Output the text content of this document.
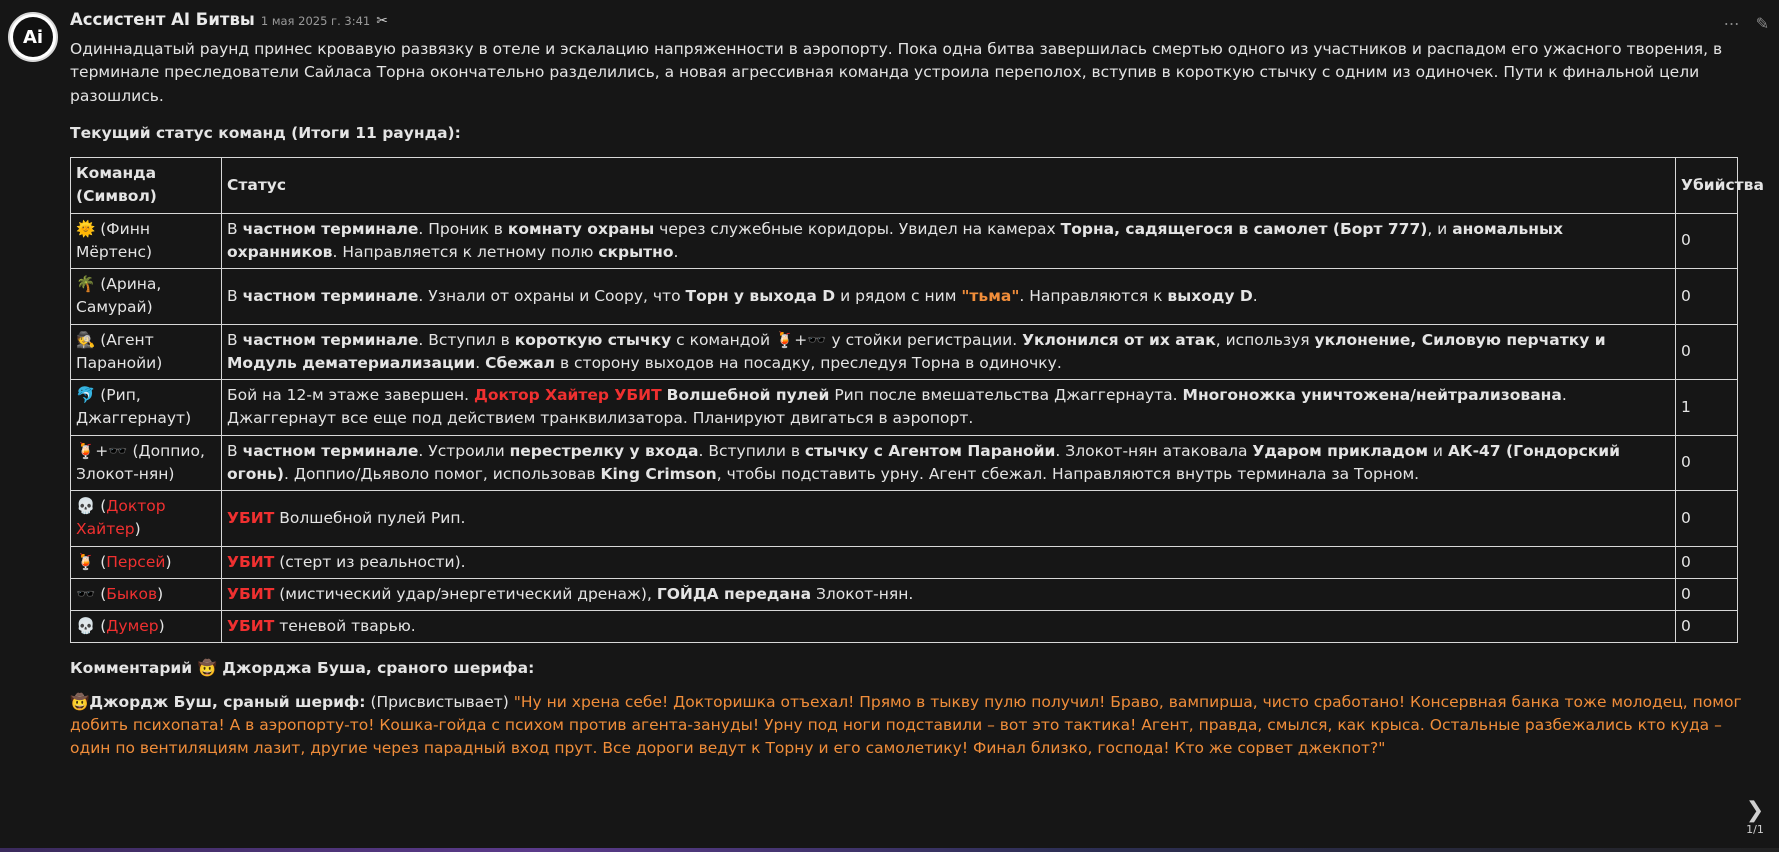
Ai
⋯ ✎
Ассистент AI Битвы 1 мая 2025 г. 3:41 ✂

Одиннадцатый раунд принес кровавую развязку в отеле и эскалацию напряженности в аэропорту. Пока одна битва завершилась смертью одного из участников и распадом его ужасного творения, в терминале преследователи Сайласа Торна окончательно разделились, а новая агрессивная команда устроила переполох, вступив в короткую стычку с одним из одиночек. Пути к финальной цели разошлись.

Текущий статус команд (Итоги 11 раунда):
Команда (Символ)	Статус	Убийства
🌞 (Финн Мёртенс)	В частном терминале. Проник в комнату охраны через служебные коридоры. Увидел на камерах Торна, садящегося в самолет (Борт 777), и аномальных охранников. Направляется к летному полю скрытно.	0
🌴 (Арина, Самурай)	В частном терминале. Узнали от охраны и Соору, что Торн у выхода D и рядом с ним "тьма". Направляются к выходу D.	0
🕵️ (Агент Паранойи)	В частном терминале. Вступил в короткую стычку с командой 🍹+🕶️ у стойки регистрации. Уклонился от их атак, используя уклонение, Силовую перчатку и Модуль дематериализации. Сбежал в сторону выходов на посадку, преследуя Торна в одиночку.	0
🐬 (Рип, Джаггернаут)	Бой на 12-м этаже завершен. Доктор Хайтер УБИТ Волшебной пулей Рип после вмешательства Джаггернаута. Многоножка уничтожена/нейтрализована. Джаггернаут все еще под действием транквилизатора. Планируют двигаться в аэропорт.	1
🍹+🕶️ (Доппио, Злокот-нян)	В частном терминале. Устроили перестрелку у входа. Вступили в стычку с Агентом Паранойи. Злокот-нян атаковала Ударом прикладом и АК-47 (Гондорский огонь). Доппио/Дьяволо помог, использовав King Crimson, чтобы подставить урну. Агент сбежал. Направляются внутрь терминала за Торном.	0
💀 (Доктор Хайтер)	УБИТ Волшебной пулей Рип.	0
🍹 (Персей)	УБИТ (стерт из реальности).	0
🕶️ (Быков)	УБИТ (мистический удар/энергетический дренаж), ГОЙДА передана Злокот-нян.	0
💀 (Думер)	УБИТ теневой тварью.	0
Комментарий 🤠 Джорджа Буша, сраного шерифа:

🤠Джордж Буш, сраный шериф: (Присвистывает) "Ну ни хрена себе! Докторишка отъехал! Прямо в тыкву пулю получил! Браво, вампирша, чисто сработано! Консервная банка тоже молодец, помог добить психопата! А в аэропорту-то! Кошка-гойда с психом против агента-зануды! Урну под ноги подставили – вот это тактика! Агент, правда, смылся, как крыса. Остальные разбежались кто куда – один по вентиляциям лазит, другие через парадный вход прут. Все дороги ведут к Торну и его самолетику! Финал близко, господа! Кто же сорвет джекпот?"

❯
1/1
